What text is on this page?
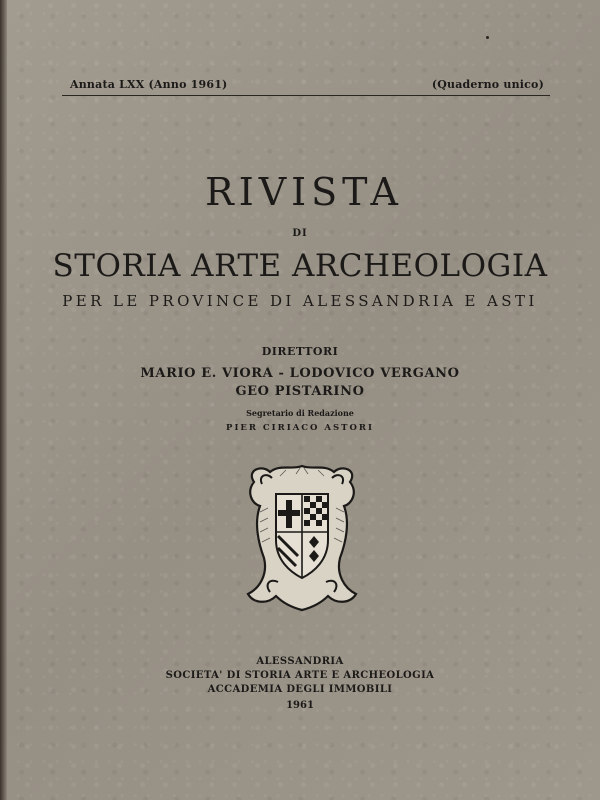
Annata LXX (Anno 1961)	(Quaderno unico)
RIVISTA
DI
STORIA ARTE ARCHEOLOGIA
PER LE PROVINCE DI ALESSANDRIA E ASTI
DIRETTORI
MARIO E. VIORA - LODOVICO VERGANO
GEO PISTARINO
Segretario di Redazione
PIER CIRIACO ASTORI
ALESSANDRIA
SOCIETA' DI STORIA ARTE E ARCHEOLOGIA
ACCADEMIA DEGLI IMMOBILI
1961
